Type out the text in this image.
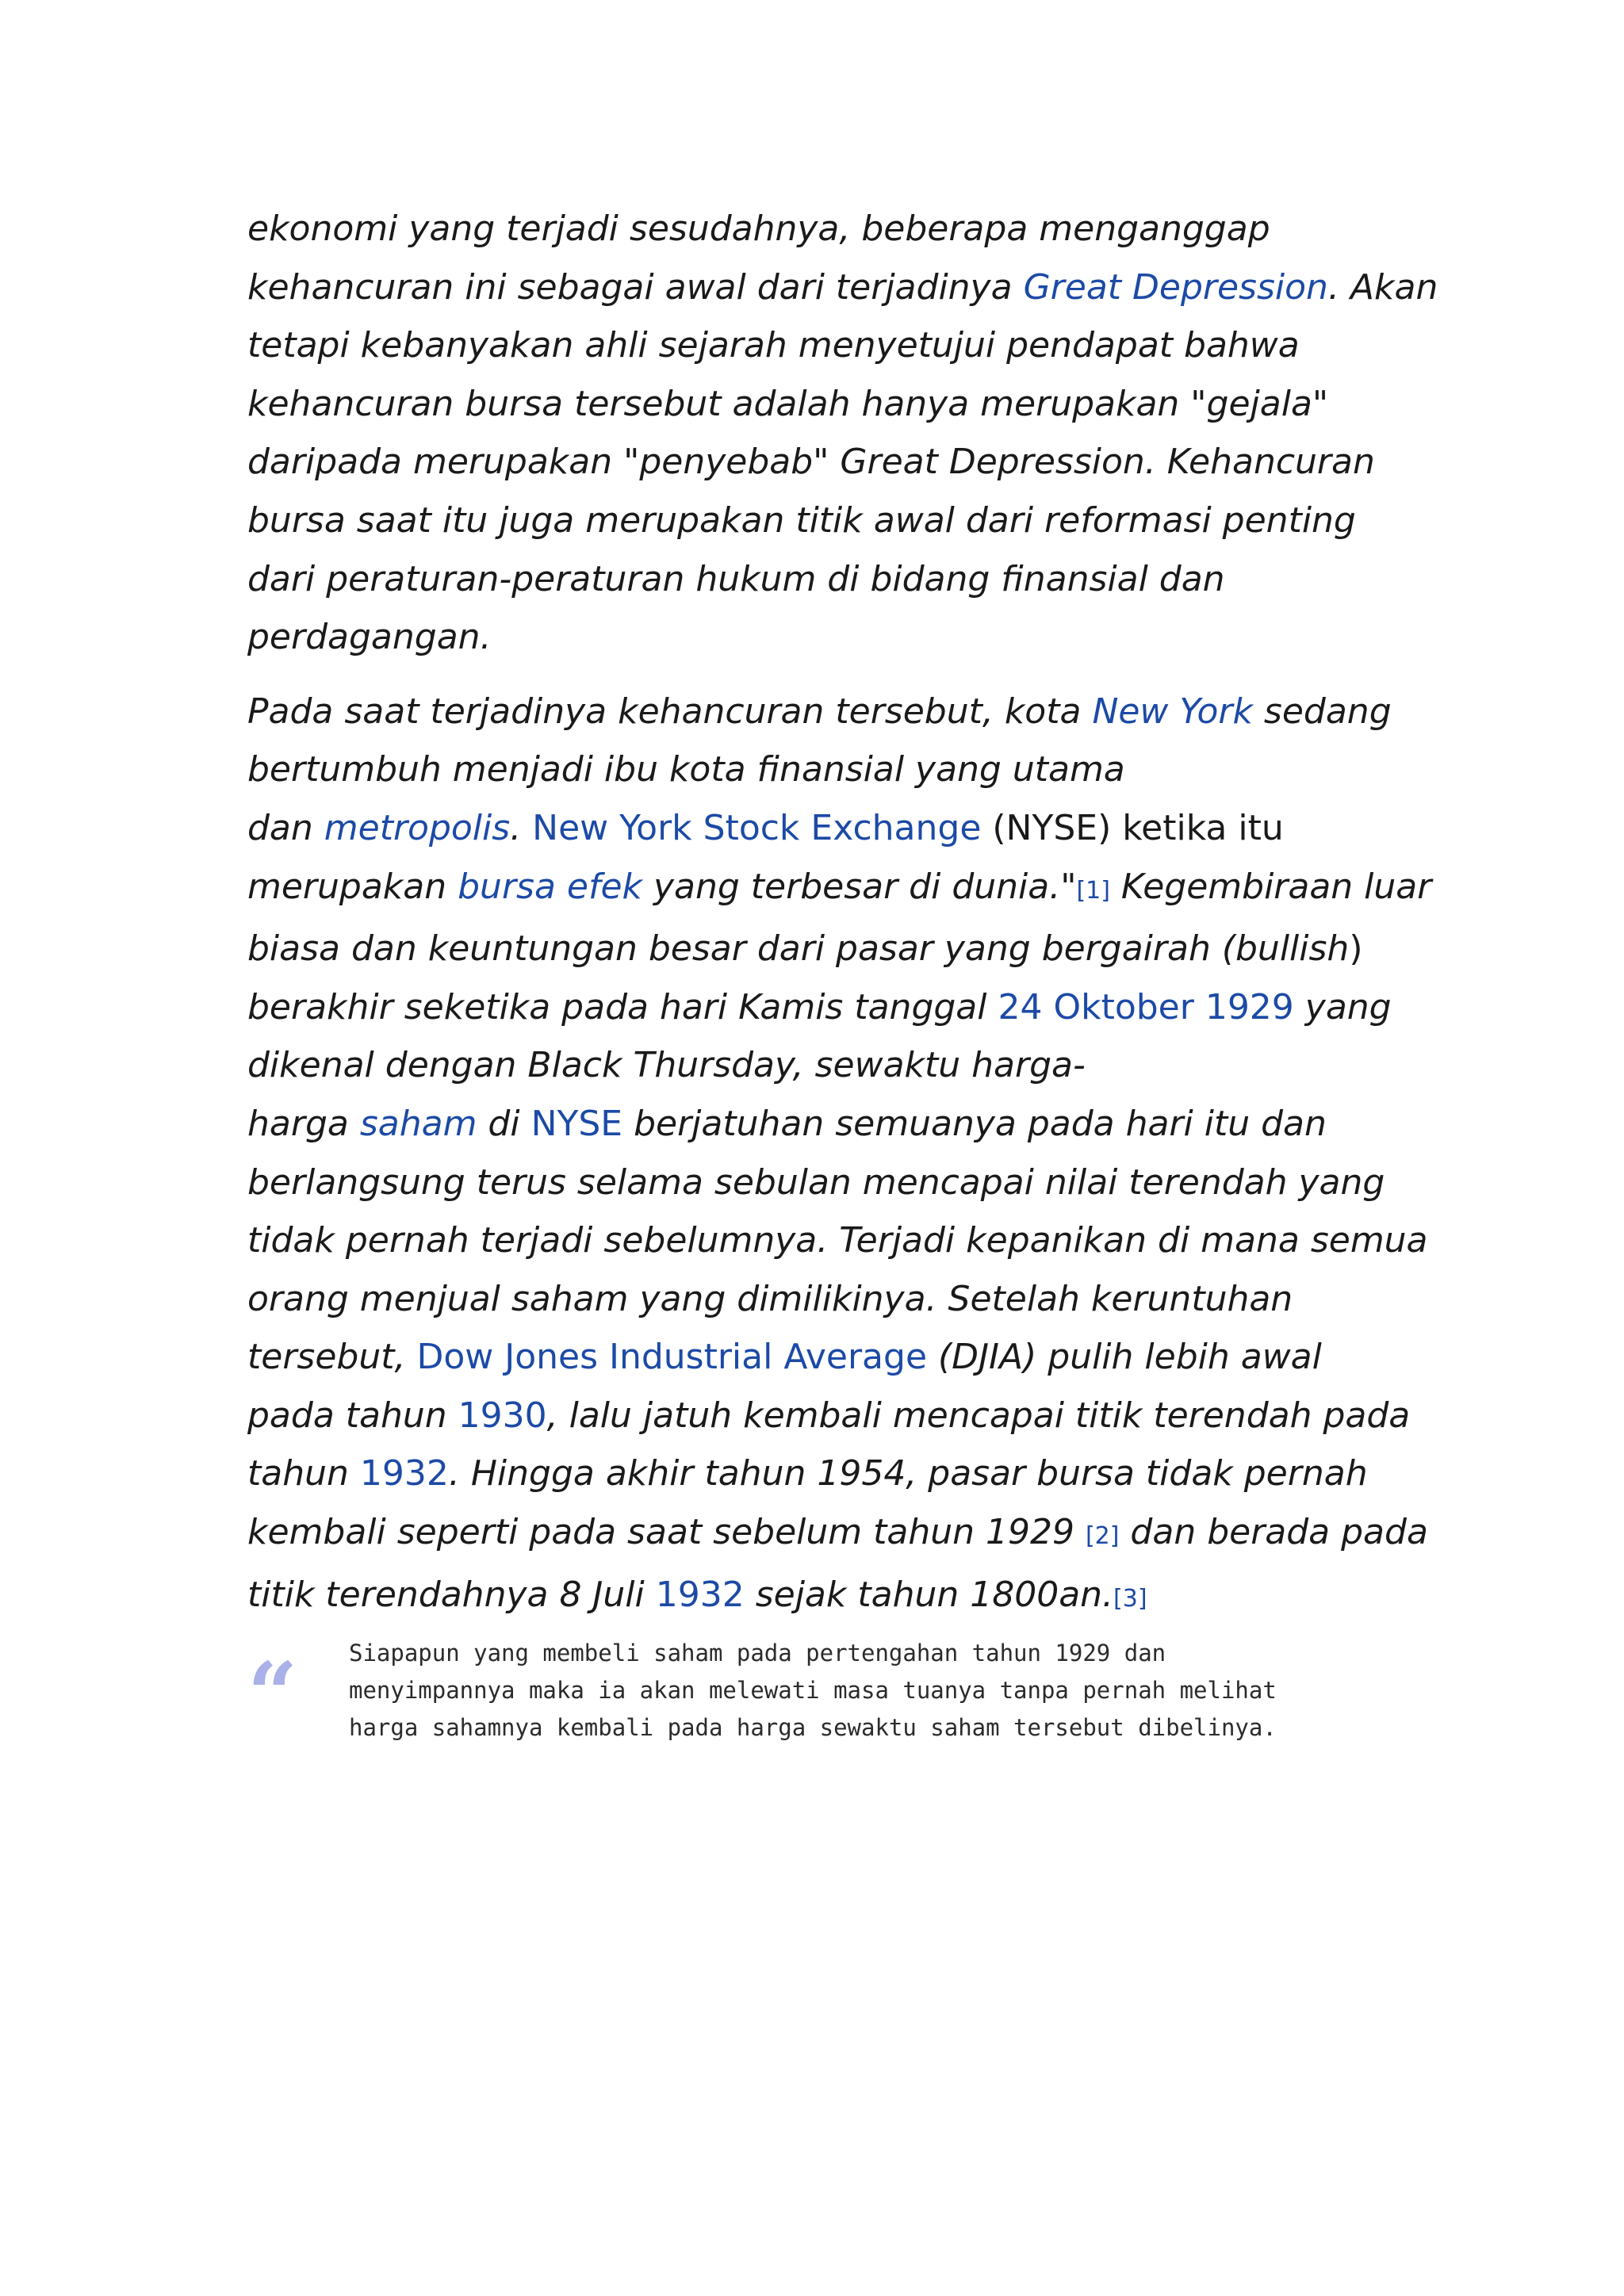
ekonomi yang terjadi sesudahnya, beberapa menganggap
kehancuran ini sebagai awal dari terjadinya Great Depression. Akan
tetapi kebanyakan ahli sejarah menyetujui pendapat bahwa
kehancuran bursa tersebut adalah hanya merupakan "gejala"
daripada merupakan "penyebab" Great Depression. Kehancuran
bursa saat itu juga merupakan titik awal dari reformasi penting
dari peraturan-peraturan hukum di bidang finansial dan
perdagangan.

Pada saat terjadinya kehancuran tersebut, kota New York sedang
bertumbuh menjadi ibu kota finansial yang utama
dan metropolis. New York Stock Exchange (NYSE) ketika itu
merupakan bursa efek yang terbesar di dunia."[1] Kegembiraan luar
biasa dan keuntungan besar dari pasar yang bergairah (bullish)
berakhir seketika pada hari Kamis tanggal 24 Oktober 1929 yang
dikenal dengan Black Thursday, sewaktu harga-
harga saham di NYSE berjatuhan semuanya pada hari itu dan
berlangsung terus selama sebulan mencapai nilai terendah yang
tidak pernah terjadi sebelumnya. Terjadi kepanikan di mana semua
orang menjual saham yang dimilikinya. Setelah keruntuhan
tersebut, Dow Jones Industrial Average (DJIA) pulih lebih awal
pada tahun 1930, lalu jatuh kembali mencapai titik terendah pada
tahun 1932. Hingga akhir tahun 1954, pasar bursa tidak pernah
kembali seperti pada saat sebelum tahun 1929 [2] dan berada pada
titik terendahnya 8 Juli 1932 sejak tahun 1800an.[3]

“ Siapapun yang membeli saham pada pertengahan tahun 1929 dan
menyimpannya maka ia akan melewati masa tuanya tanpa pernah melihat
harga sahamnya kembali pada harga sewaktu saham tersebut dibelinya.
